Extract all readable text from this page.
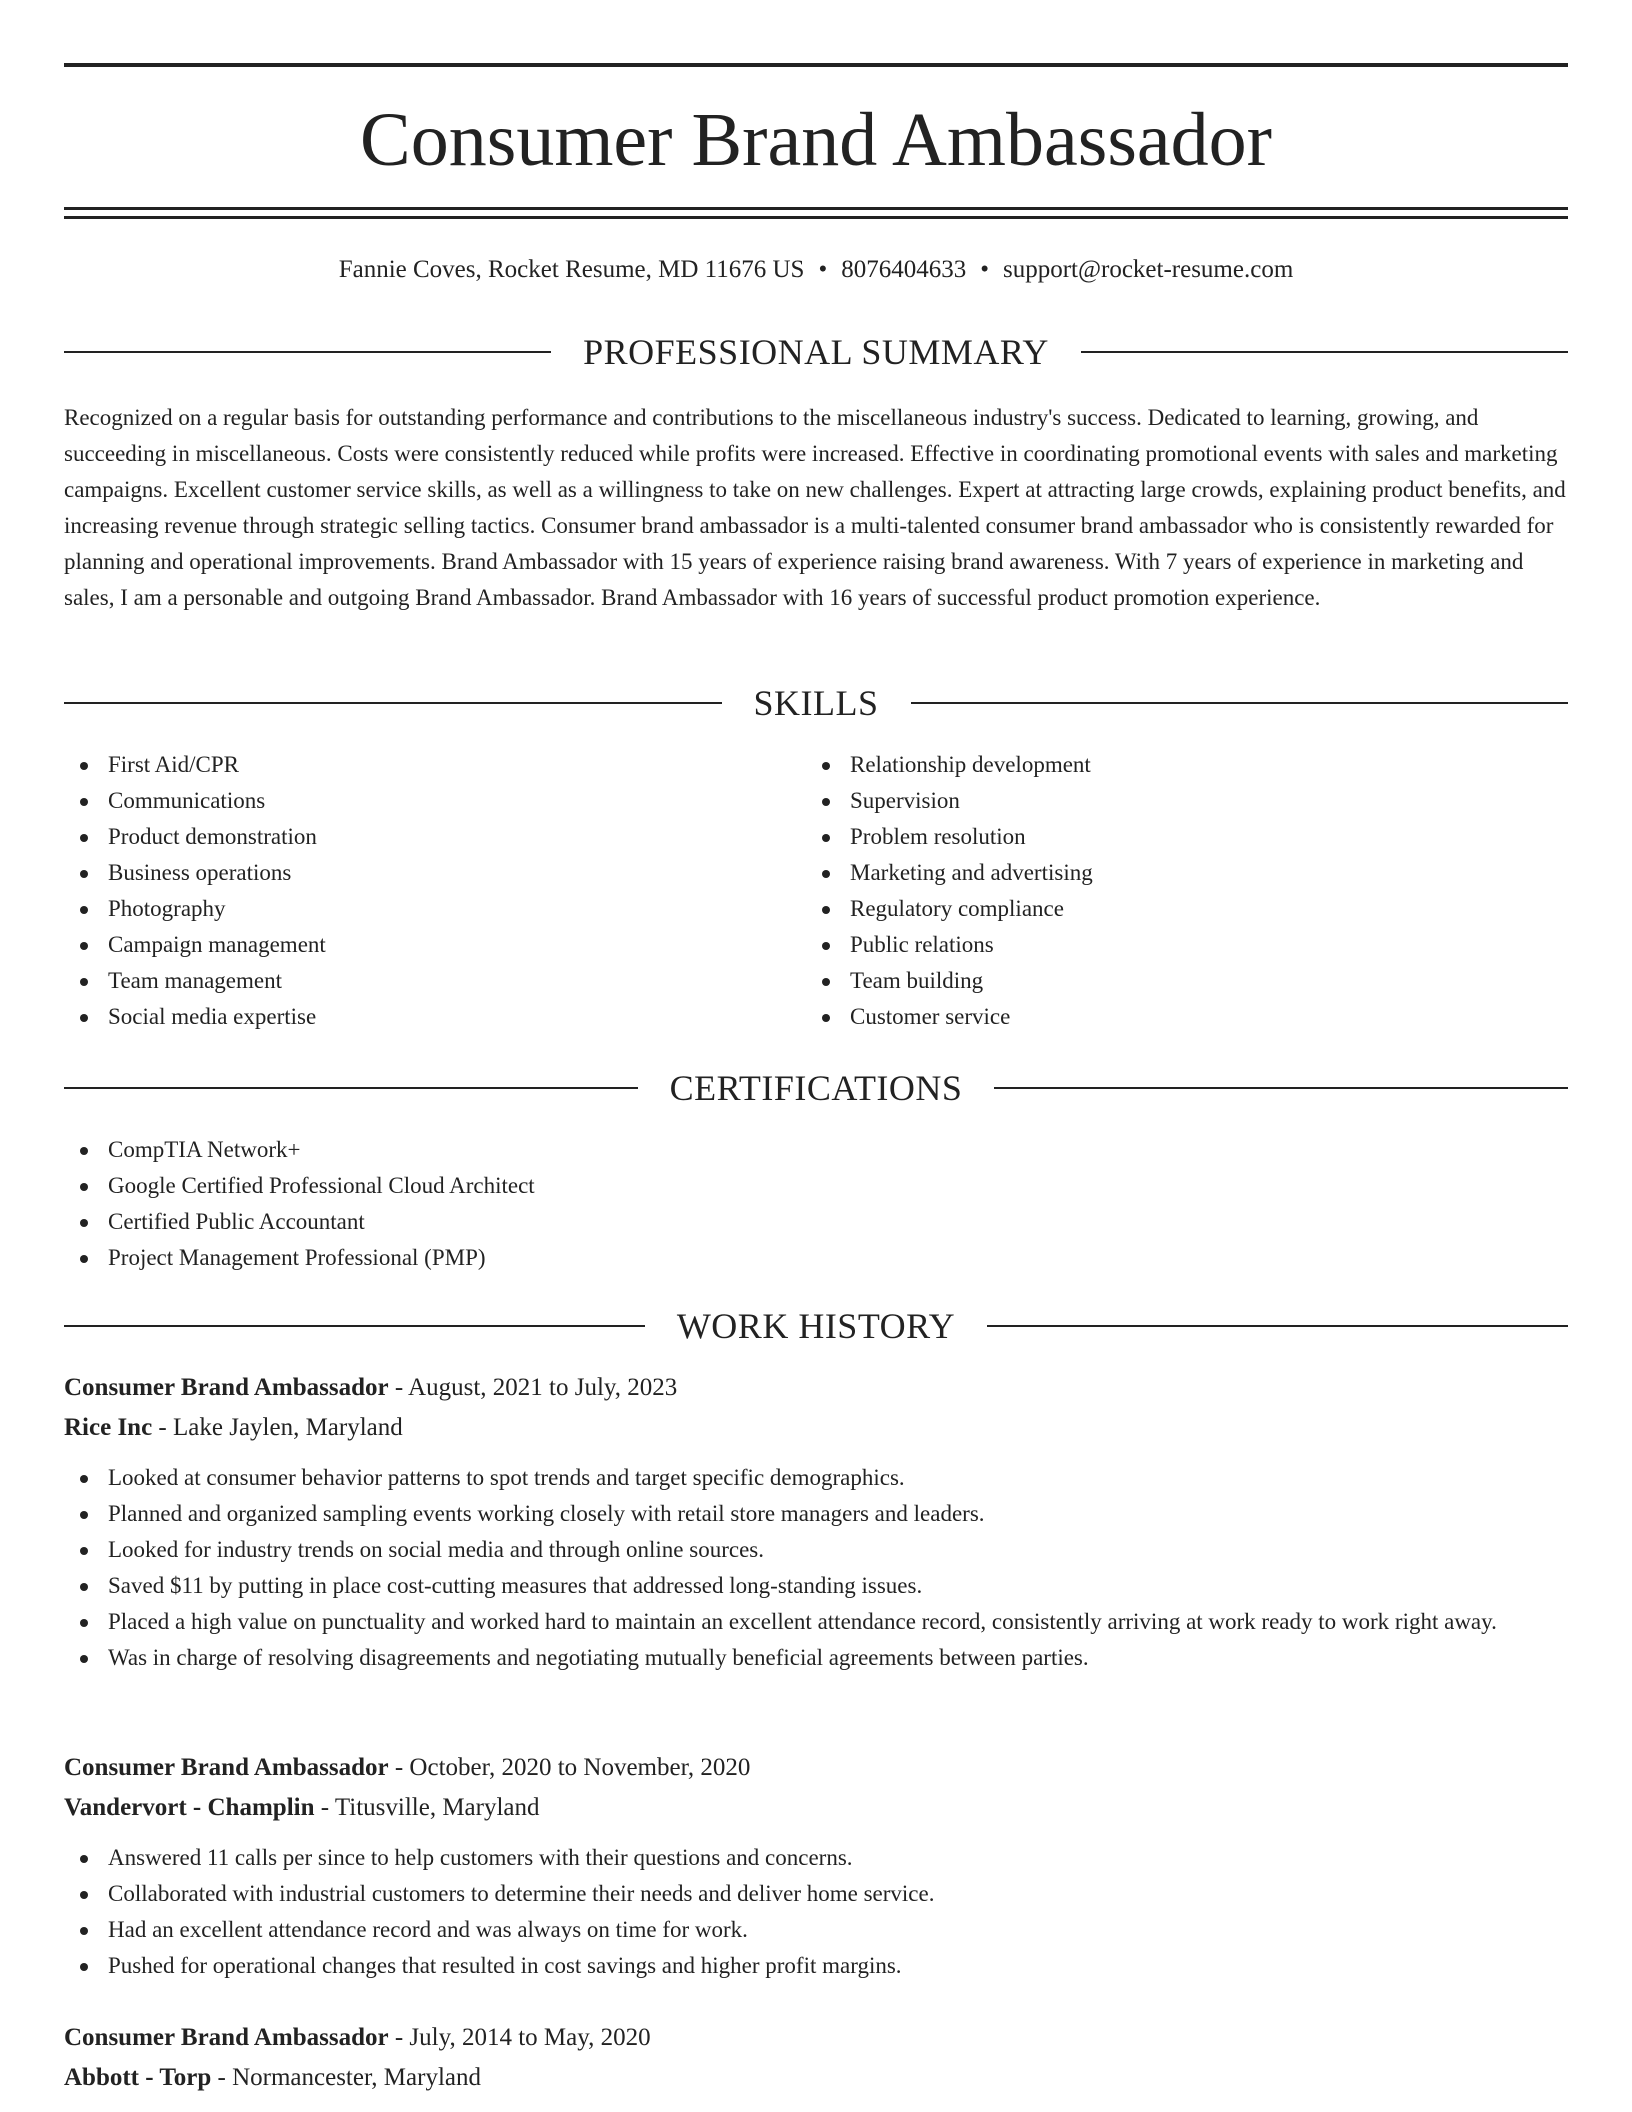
Consumer Brand Ambassador
Fannie Coves, Rocket Resume, MD 11676 US • 8076404633 • support@rocket-resume.com
PROFESSIONAL SUMMARY

Recognized on a regular basis for outstanding performance and contributions to the miscellaneous industry's success. Dedicated to learning, growing, and succeeding in miscellaneous. Costs were consistently reduced while profits were increased. Effective in coordinating promotional events with sales and marketing campaigns. Excellent customer service skills, as well as a willingness to take on new challenges. Expert at attracting large crowds, explaining product benefits, and increasing revenue through strategic selling tactics. Consumer brand ambassador is a multi-talented consumer brand ambassador who is consistently rewarded for planning and operational improvements. Brand Ambassador with 15 years of experience raising brand awareness. With 7 years of experience in marketing and sales, I am a personable and outgoing Brand Ambassador. Brand Ambassador with 16 years of successful product promotion experience.

SKILLS
First Aid/CPR
Communications
Product demonstration
Business operations
Photography
Campaign management
Team management
Social media expertise
Relationship development
Supervision
Problem resolution
Marketing and advertising
Regulatory compliance
Public relations
Team building
Customer service
CERTIFICATIONS
CompTIA Network+
Google Certified Professional Cloud Architect
Certified Public Accountant
Project Management Professional (PMP)
WORK HISTORY
Consumer Brand Ambassador - August, 2021 to July, 2023
Rice Inc - Lake Jaylen, Maryland
Looked at consumer behavior patterns to spot trends and target specific demographics.
Planned and organized sampling events working closely with retail store managers and leaders.
Looked for industry trends on social media and through online sources.
Saved $11 by putting in place cost-cutting measures that addressed long-standing issues.
Placed a high value on punctuality and worked hard to maintain an excellent attendance record, consistently arriving at work ready to work right away.
Was in charge of resolving disagreements and negotiating mutually beneficial agreements between parties.
Consumer Brand Ambassador - October, 2020 to November, 2020
Vandervort - Champlin - Titusville, Maryland
Answered 11 calls per since to help customers with their questions and concerns.
Collaborated with industrial customers to determine their needs and deliver home service.
Had an excellent attendance record and was always on time for work.
Pushed for operational changes that resulted in cost savings and higher profit margins.
Consumer Brand Ambassador - July, 2014 to May, 2020
Abbott - Torp - Normancester, Maryland
